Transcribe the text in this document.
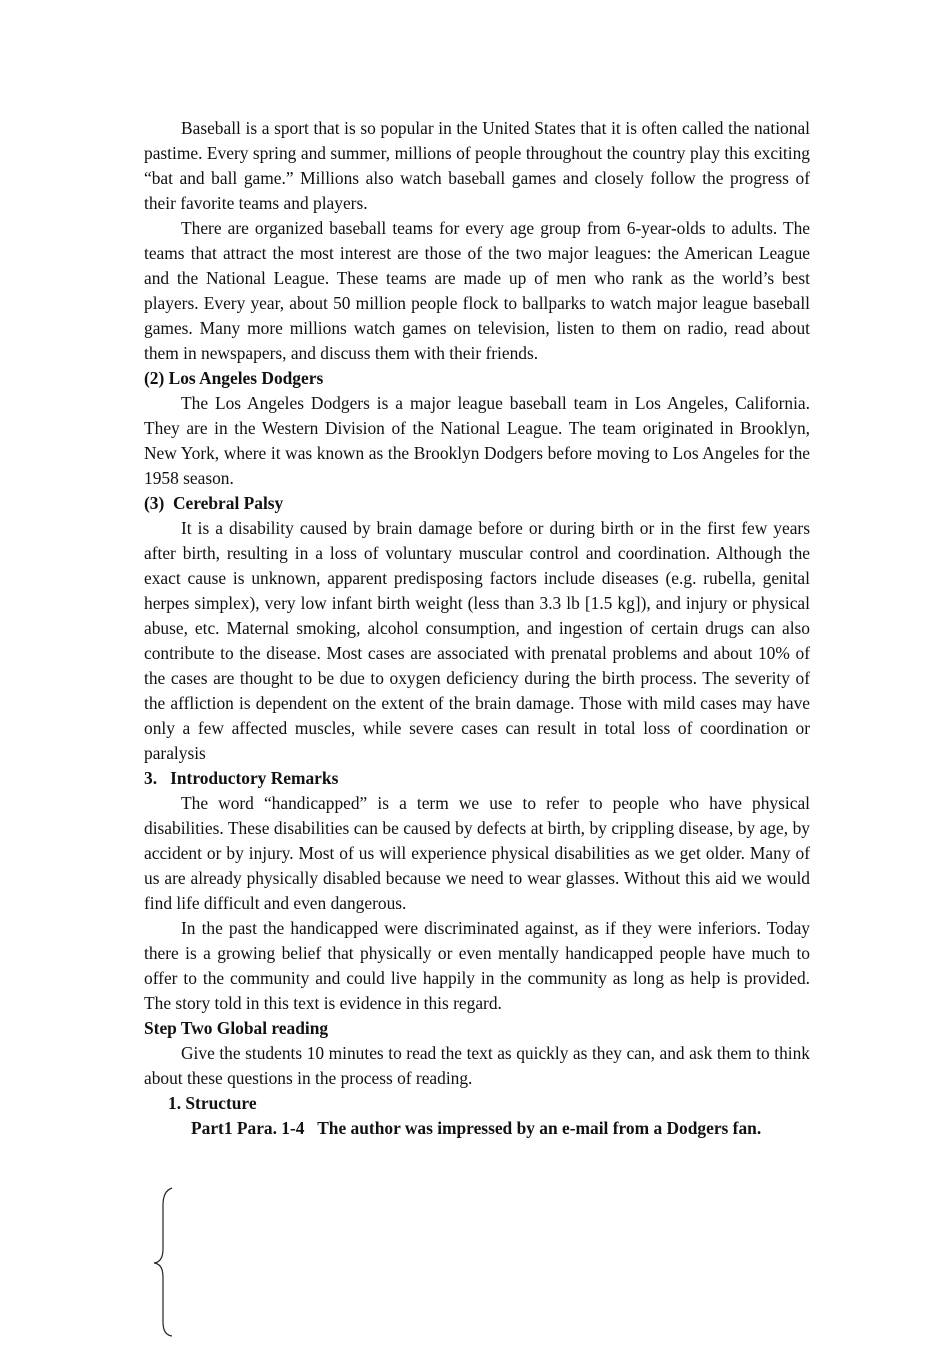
Baseball is a sport that is so popular in the United States that it is often called the national pastime. Every spring and summer, millions of people throughout the country play this exciting “bat and ball game.” Millions also watch baseball games and closely follow the progress of their favorite teams and players.

There are organized baseball teams for every age group from 6-year-olds to adults. The teams that attract the most interest are those of the two major leagues: the American League and the National League. These teams are made up of men who rank as the world’s best players. Every year, about 50 million people flock to ballparks to watch major league baseball games. Many more millions watch games on television, listen to them on radio, read about them in newspapers, and discuss them with their friends.

(2) Los Angeles Dodgers

The Los Angeles Dodgers is a major league baseball team in Los Angeles, California. They are in the Western Division of the National League. The team originated in Brooklyn, New York, where it was known as the Brooklyn Dodgers before moving to Los Angeles for the 1958 season.

(3)  Cerebral Palsy

It is a disability caused by brain damage before or during birth or in the first few years after birth, resulting in a loss of voluntary muscular control and coordination. Although the exact cause is unknown, apparent predisposing factors include diseases (e.g. rubella, genital herpes simplex), very low infant birth weight (less than 3.3 lb [1.5 kg]), and injury or physical abuse, etc. Maternal smoking, alcohol consumption, and ingestion of certain drugs can also contribute to the disease. Most cases are associated with prenatal problems and about 10% of the cases are thought to be due to oxygen deficiency during the birth process. The severity of the affliction is dependent on the extent of the brain damage. Those with mild cases may have only a few affected muscles, while severe cases can result in total loss of coordination or paralysis

3.   Introductory Remarks

The word “handicapped” is a term we use to refer to people who have physical disabilities. These disabilities can be caused by defects at birth, by crippling disease, by age, by accident or by injury. Most of us will experience physical disabilities as we get older. Many of us are already physically disabled because we need to wear glasses. Without this aid we would find life difficult and even dangerous.

In the past the handicapped were discriminated against, as if they were inferiors. Today there is a growing belief that physically or even mentally handicapped people have much to offer to the community and could live happily in the community as long as help is provided. The story told in this text is evidence in this regard.

Step Two Global reading

Give the students 10 minutes to read the text as quickly as they can, and ask them to think about these questions in the process of reading.

1. Structure

Part1 Para. 1-4   The author was impressed by an e-mail from a Dodgers fan.
